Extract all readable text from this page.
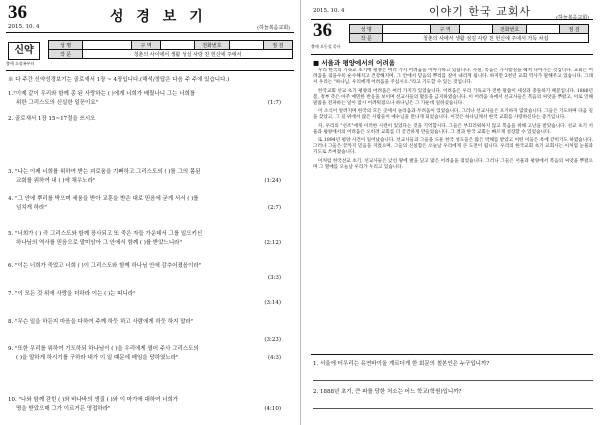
36
2015. 10. 4
성 경 보 기
(하늘복음교회)
신약
출애 소장족부터
성 명		구 역		전화번호		점 검
작 문	청춘의 사이에서 생활 성실 사랑 친 헌신에 주에서					
※ 다 주간 신약성경보기는 골로새서 1장 ~ 4장입니다.(해석/정답은 다음 주 주에 있습니다.)
1."이제 같이 우리와 함께 종 된 사랑하는 ( )에게 너희가 배웠나니 그는 너희를
위한 그리스도의 신실한 일꾼이요"	(1:7)
2. 골로새서 1장 15~17절을 쓰시오
3. "나는 이제 너희를 위하여 받는 괴로움을 기뻐하고 그리스도의 ( )를 그의 몸된
교회를 위하여 내 ( )에 채우노라"	(1:24)
4. "그 안에 뿌리를 박으며 세움을 받아 교훈을 받은 대로 믿음에 굳게 서서 ( )를
넘치게 하라"	(2:7)
5. "너희가 ( ) 즉 그리스도와 함께 장사되고 또 죽은 자들 가운데서 그를 일으키신
하나님의 역사를 믿음으로 말미암아 그 안에서 함께 ( )를 받았느니라"	(2:12)
6. "이는 너희가 죽었고 너희 ( )이 그리스도와 함께 하나님 안에 감추어졌음이라"
(3:3)
7. "이 모든 것 위에 사랑을 더하라 이는 ( )는 띠니라"
(3:14)
8. "무슨 일을 하든지 마음을 다하여 주께 하듯 하고 사람에게 하듯 하지 말라"
(3:23)
9. "또한 우리를 위하여 기도하되 하나님이 ( )을 우리에게 열어 주사 그리스도의
( )을 말하게 하시기를 구하라 내가 이 일 때문에 매임을 당하였노라"	(4:3)
10. "나와 함께 갇힌 ( )와 바나바의 생질 ( )와 이 마가에 대하여 너희가
명을 받았으매 그가 이르거든 영접하라"	(4:10)
2015. 10. 4	이야기 한국 교회사	(하늘복음교회)
36
출애 오동설 목사
성 명		구 역		전화번호		점 검
작 문	청춘의 사에서 생활 섬김 사랑 친 헌신에 주에서 가득 차십					
■ 서울과 평양에서의 어려움

우리 한국의 기독교 초기에 평양은 여러 가지 어려움을 이야기하고 있습니다. 사실, 복음은 가시밭길을 헤쳐 나아가는 것입니다. 교회는 어려움을 겪을수록 순수해지고 건강해지며, 그 안에서 믿음의 뿌리를 깊이 내리게 됩니다. 하지만 2천년 교회 역사가 말해주고 있습니다. 그래서 우리는 "하나님, 우리에게 어려움을 주십시오."라고 기도할 수 있는 것입니다.

한국교회 선교 초기 평양의 어려움은 여러 가지가 있었습니다. 어려움은 우리 기독교가 전한 말씀이 세상과 충돌하기 때문입니다. 1888년 봄, 정부 측은 아주 예민한 반응을 보이며 선교사들의 활동을 금지하였습니다. 이 어려움 속에서 선교사들은 복음의 씨앗을 뿌렸고, 이로 인해 말씀을 전파하는 일이 잠시 어려워졌으나 하나님은 그 가운데 일하셨습니다.

이 소식이 알려지며 한국의 모든 곳에서 놀라움과 두려움이 있었습니다. 그러나 선교사들은 포기하지 않았습니다. 그들은 기도하며 다음 길을 찾았고, 그 길 위에서 많은 사람들이 예수님을 만나게 되었습니다. 이것은 하나님께서 한국 교회를 사랑하신다는 증거입니다.

자, 우리의 "선조"에게 이러한 시련이 있었다는 것을 기억합시다. 그들은 부끄러워하지 않고 복음을 위해 고난을 받았습니다. 선교 초기 서울과 평양에서의 어려움은 오히려 교회를 더 굳건하게 만들었습니다. 그 결과 한국 교회는 빠르게 성장할 수 있었습니다.

또 1894년 평양 사건이 일어났습니다. 선교사들과 그들을 도운 한국 성도들은 많은 박해를 받았고 어떤 이들은 옥에 갇히기도 하였습니다. 그러나 그들은 끝까지 믿음을 지켰으며, 그들의 신실함은 오늘날 우리에게 큰 도전이 됩니다. 우리의 한국교회 초기 교회사는 이처럼 눈물과 기도로 쓰여졌습니다.

이처럼 한국선교 초기, 선교사들은 낮선 땅에 발을 딛고 많은 어려움을 겪었습니다. 그러나 그들은 서울과 평양에서 복음의 씨앗을 뿌렸으며 그 열매를 오늘날 우리가 누리고 있습니다.

1. 서울에 터우리는 유연바이올 게르더게 한 회문의 철본인은 누구입니까?
2. 1888년 초기, 큰 파를 당한 처소는 어느 학교(학원)입니까?
